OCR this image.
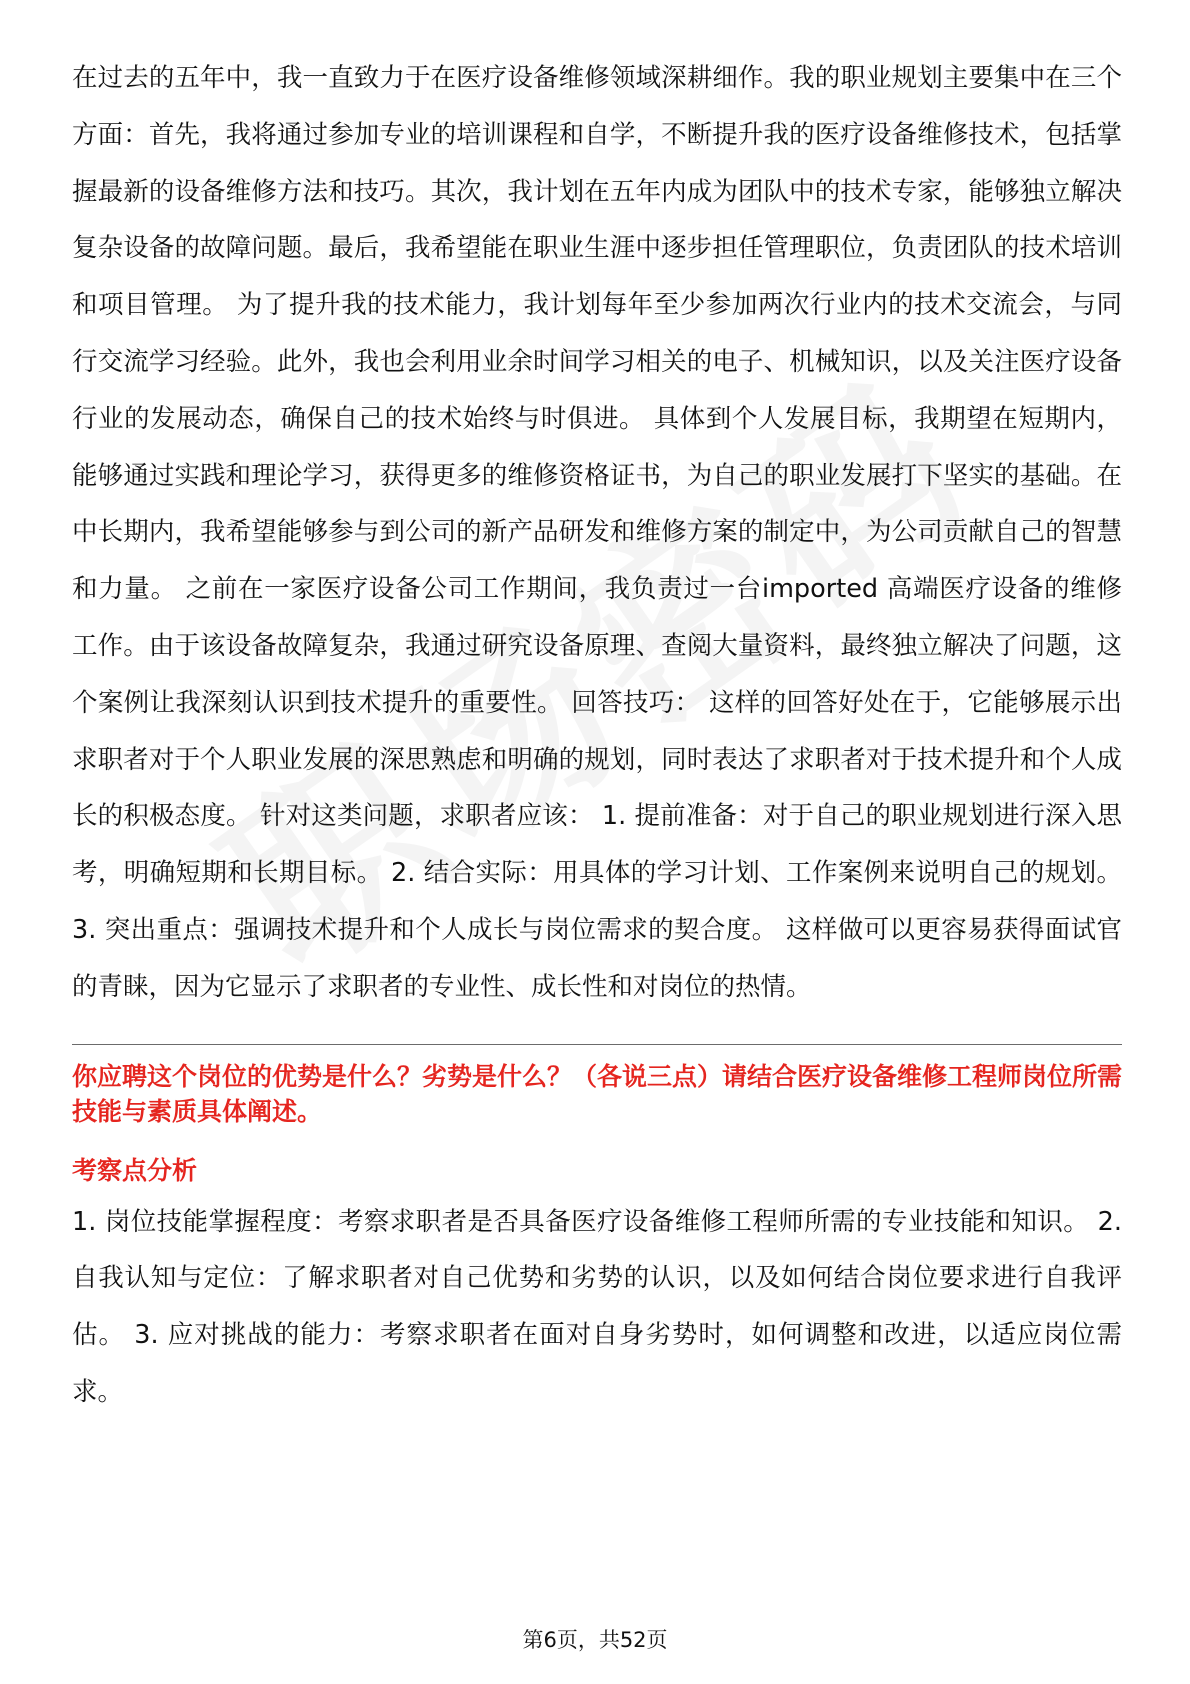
在过去的五年中，我一直致力于在医疗设备维修领域深耕细作。我的职业规划主要集中在三个方面：首先，我将通过参加专业的培训课程和自学，不断提升我的医疗设备维修技术，包括掌握最新的设备维修方法和技巧。其次，我计划在五年内成为团队中的技术专家，能够独立解决复杂设备的故障问题。最后，我希望能在职业生涯中逐步担任管理职位，负责团队的技术培训和项目管理。 为了提升我的技术能力，我计划每年至少参加两次行业内的技术交流会，与同行交流学习经验。此外，我也会利用业余时间学习相关的电子、机械知识，以及关注医疗设备行业的发展动态，确保自己的技术始终与时俱进。 具体到个人发展目标，我期望在短期内，能够通过实践和理论学习，获得更多的维修资格证书，为自己的职业发展打下坚实的基础。在中长期内，我希望能够参与到公司的新产品研发和维修方案的制定中，为公司贡献自己的智慧和力量。 之前在一家医疗设备公司工作期间，我负责过一台imported 高端医疗设备的维修工作。由于该设备故障复杂，我通过研究设备原理、查阅大量资料，最终独立解决了问题，这个案例让我深刻认识到技术提升的重要性。 回答技巧： 这样的回答好处在于，它能够展示出求职者对于个人职业发展的深思熟虑和明确的规划，同时表达了求职者对于技术提升和个人成长的积极态度。 针对这类问题，求职者应该： 1. 提前准备：对于自己的职业规划进行深入思考，明确短期和长期目标。 2. 结合实际：用具体的学习计划、工作案例来说明自己的规划。 3. 突出重点：强调技术提升和个人成长与岗位需求的契合度。 这样做可以更容易获得面试官的青睐，因为它显示了求职者的专业性、成长性和对岗位的热情。

你应聘这个岗位的优势是什么？劣势是什么？（各说三点）请结合医疗设备维修工程师岗位所需技能与素质具体阐述。

考察点分析

1. 岗位技能掌握程度：考察求职者是否具备医疗设备维修工程师所需的专业技能和知识。 2. 自我认知与定位：了解求职者对自己优势和劣势的认识，以及如何结合岗位要求进行自我评估。 3. 应对挑战的能力：考察求职者在面对自身劣势时，如何调整和改进，以适应岗位需求。

第6页，共52页
